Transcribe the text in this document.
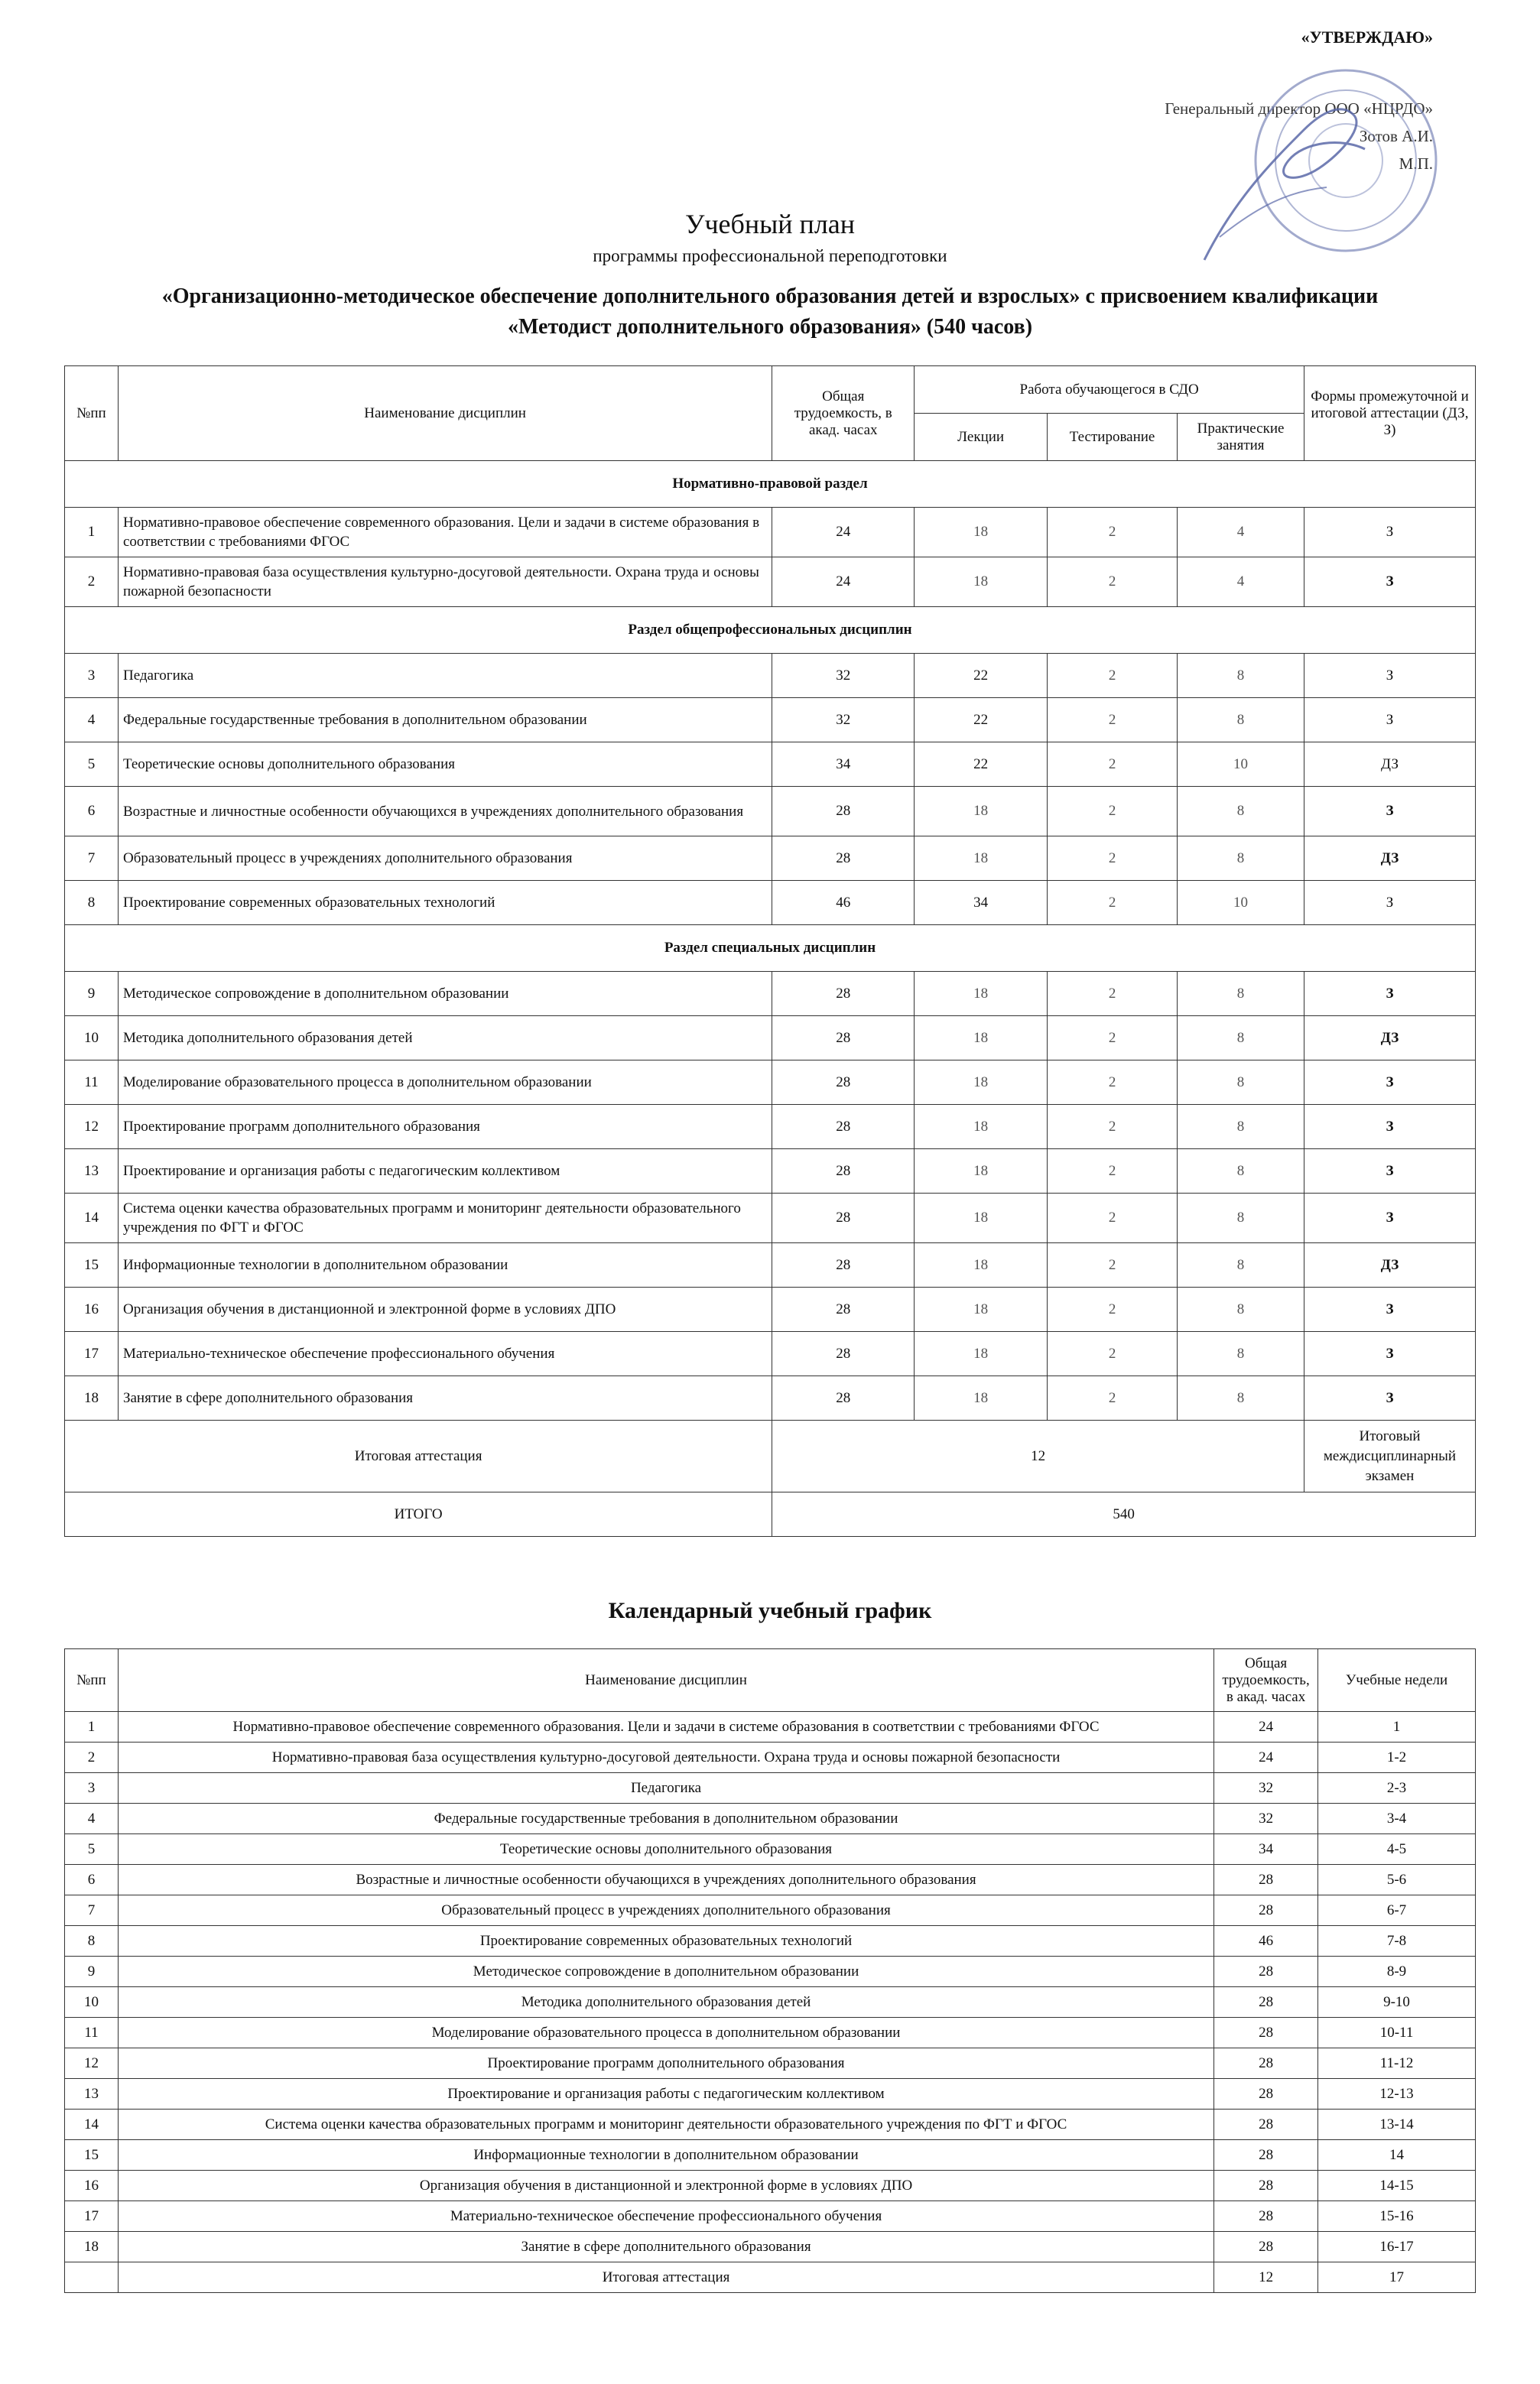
«УТВЕРЖДАЮ»
Генеральный директор ООО «НЦРДО»
Зотов А.И.
М.П.
Учебный план
программы профессиональной переподготовки
«Организационно-методическое обеспечение дополнительного образования детей и взрослых» с присвоением квалификации
«Методист дополнительного образования» (540 часов)
№пп	Наименование дисциплин	Общая трудоемкость, в акад. часах	Работа обучающегося в СДО			Формы промежуточной и итоговой аттестации (ДЗ, З)
			Лекции	Тестирование	Практические занятия	
Нормативно-правовой раздел						
1	Нормативно-правовое обеспечение современного образования. Цели и задачи в системе образования в соответствии с требованиями ФГОС	24	18	2	4	З
2	Нормативно-правовая база осуществления культурно-досуговой деятельности. Охрана труда и основы пожарной безопасности	24	18	2	4	З
Раздел общепрофессиональных дисциплин						
3	Педагогика	32	22	2	8	З
4	Федеральные государственные требования в дополнительном образовании	32	22	2	8	З
5	Теоретические основы дополнительного образования	34	22	2	10	ДЗ
6	Возрастные и личностные особенности обучающихся в учреждениях дополнительного образования	28	18	2	8	З
7	Образовательный процесс в учреждениях дополнительного образования	28	18	2	8	ДЗ
8	Проектирование современных образовательных технологий	46	34	2	10	З
Раздел специальных дисциплин						
9	Методическое сопровождение в дополнительном образовании	28	18	2	8	З
10	Методика дополнительного образования детей	28	18	2	8	ДЗ
11	Моделирование образовательного процесса в дополнительном образовании	28	18	2	8	З
12	Проектирование программ дополнительного образования	28	18	2	8	З
13	Проектирование и организация работы с педагогическим коллективом	28	18	2	8	З
14	Система оценки качества образовательных программ и мониторинг деятельности образовательного учреждения по ФГТ и ФГОС	28	18	2	8	З
15	Информационные технологии в дополнительном образовании	28	18	2	8	ДЗ
16	Организация обучения в дистанционной и электронной форме в условиях ДПО	28	18	2	8	З
17	Материально-техническое обеспечение профессионального обучения	28	18	2	8	З
18	Занятие в сфере дополнительного образования	28	18	2	8	З
Итоговая аттестация		12				Итоговый междисциплинарный экзамен
ИТОГО		540				
Календарный учебный график
№пп	Наименование дисциплин	Общая трудоемкость, в акад. часах	Учебные недели
1	Нормативно-правовое обеспечение современного образования. Цели и задачи в системе образования в соответствии с требованиями ФГОС	24	1
2	Нормативно-правовая база осуществления культурно-досуговой деятельности. Охрана труда и основы пожарной безопасности	24	1-2
3	Педагогика	32	2-3
4	Федеральные государственные требования в дополнительном образовании	32	3-4
5	Теоретические основы дополнительного образования	34	4-5
6	Возрастные и личностные особенности обучающихся в учреждениях дополнительного образования	28	5-6
7	Образовательный процесс в учреждениях дополнительного образования	28	6-7
8	Проектирование современных образовательных технологий	46	7-8
9	Методическое сопровождение в дополнительном образовании	28	8-9
10	Методика дополнительного образования детей	28	9-10
11	Моделирование образовательного процесса в дополнительном образовании	28	10-11
12	Проектирование программ дополнительного образования	28	11-12
13	Проектирование и организация работы с педагогическим коллективом	28	12-13
14	Система оценки качества образовательных программ и мониторинг деятельности образовательного учреждения по ФГТ и ФГОС	28	13-14
15	Информационные технологии в дополнительном образовании	28	14
16	Организация обучения в дистанционной и электронной форме в условиях ДПО	28	14-15
17	Материально-техническое обеспечение профессионального обучения	28	15-16
18	Занятие в сфере дополнительного образования	28	16-17
	Итоговая аттестация	12	17
